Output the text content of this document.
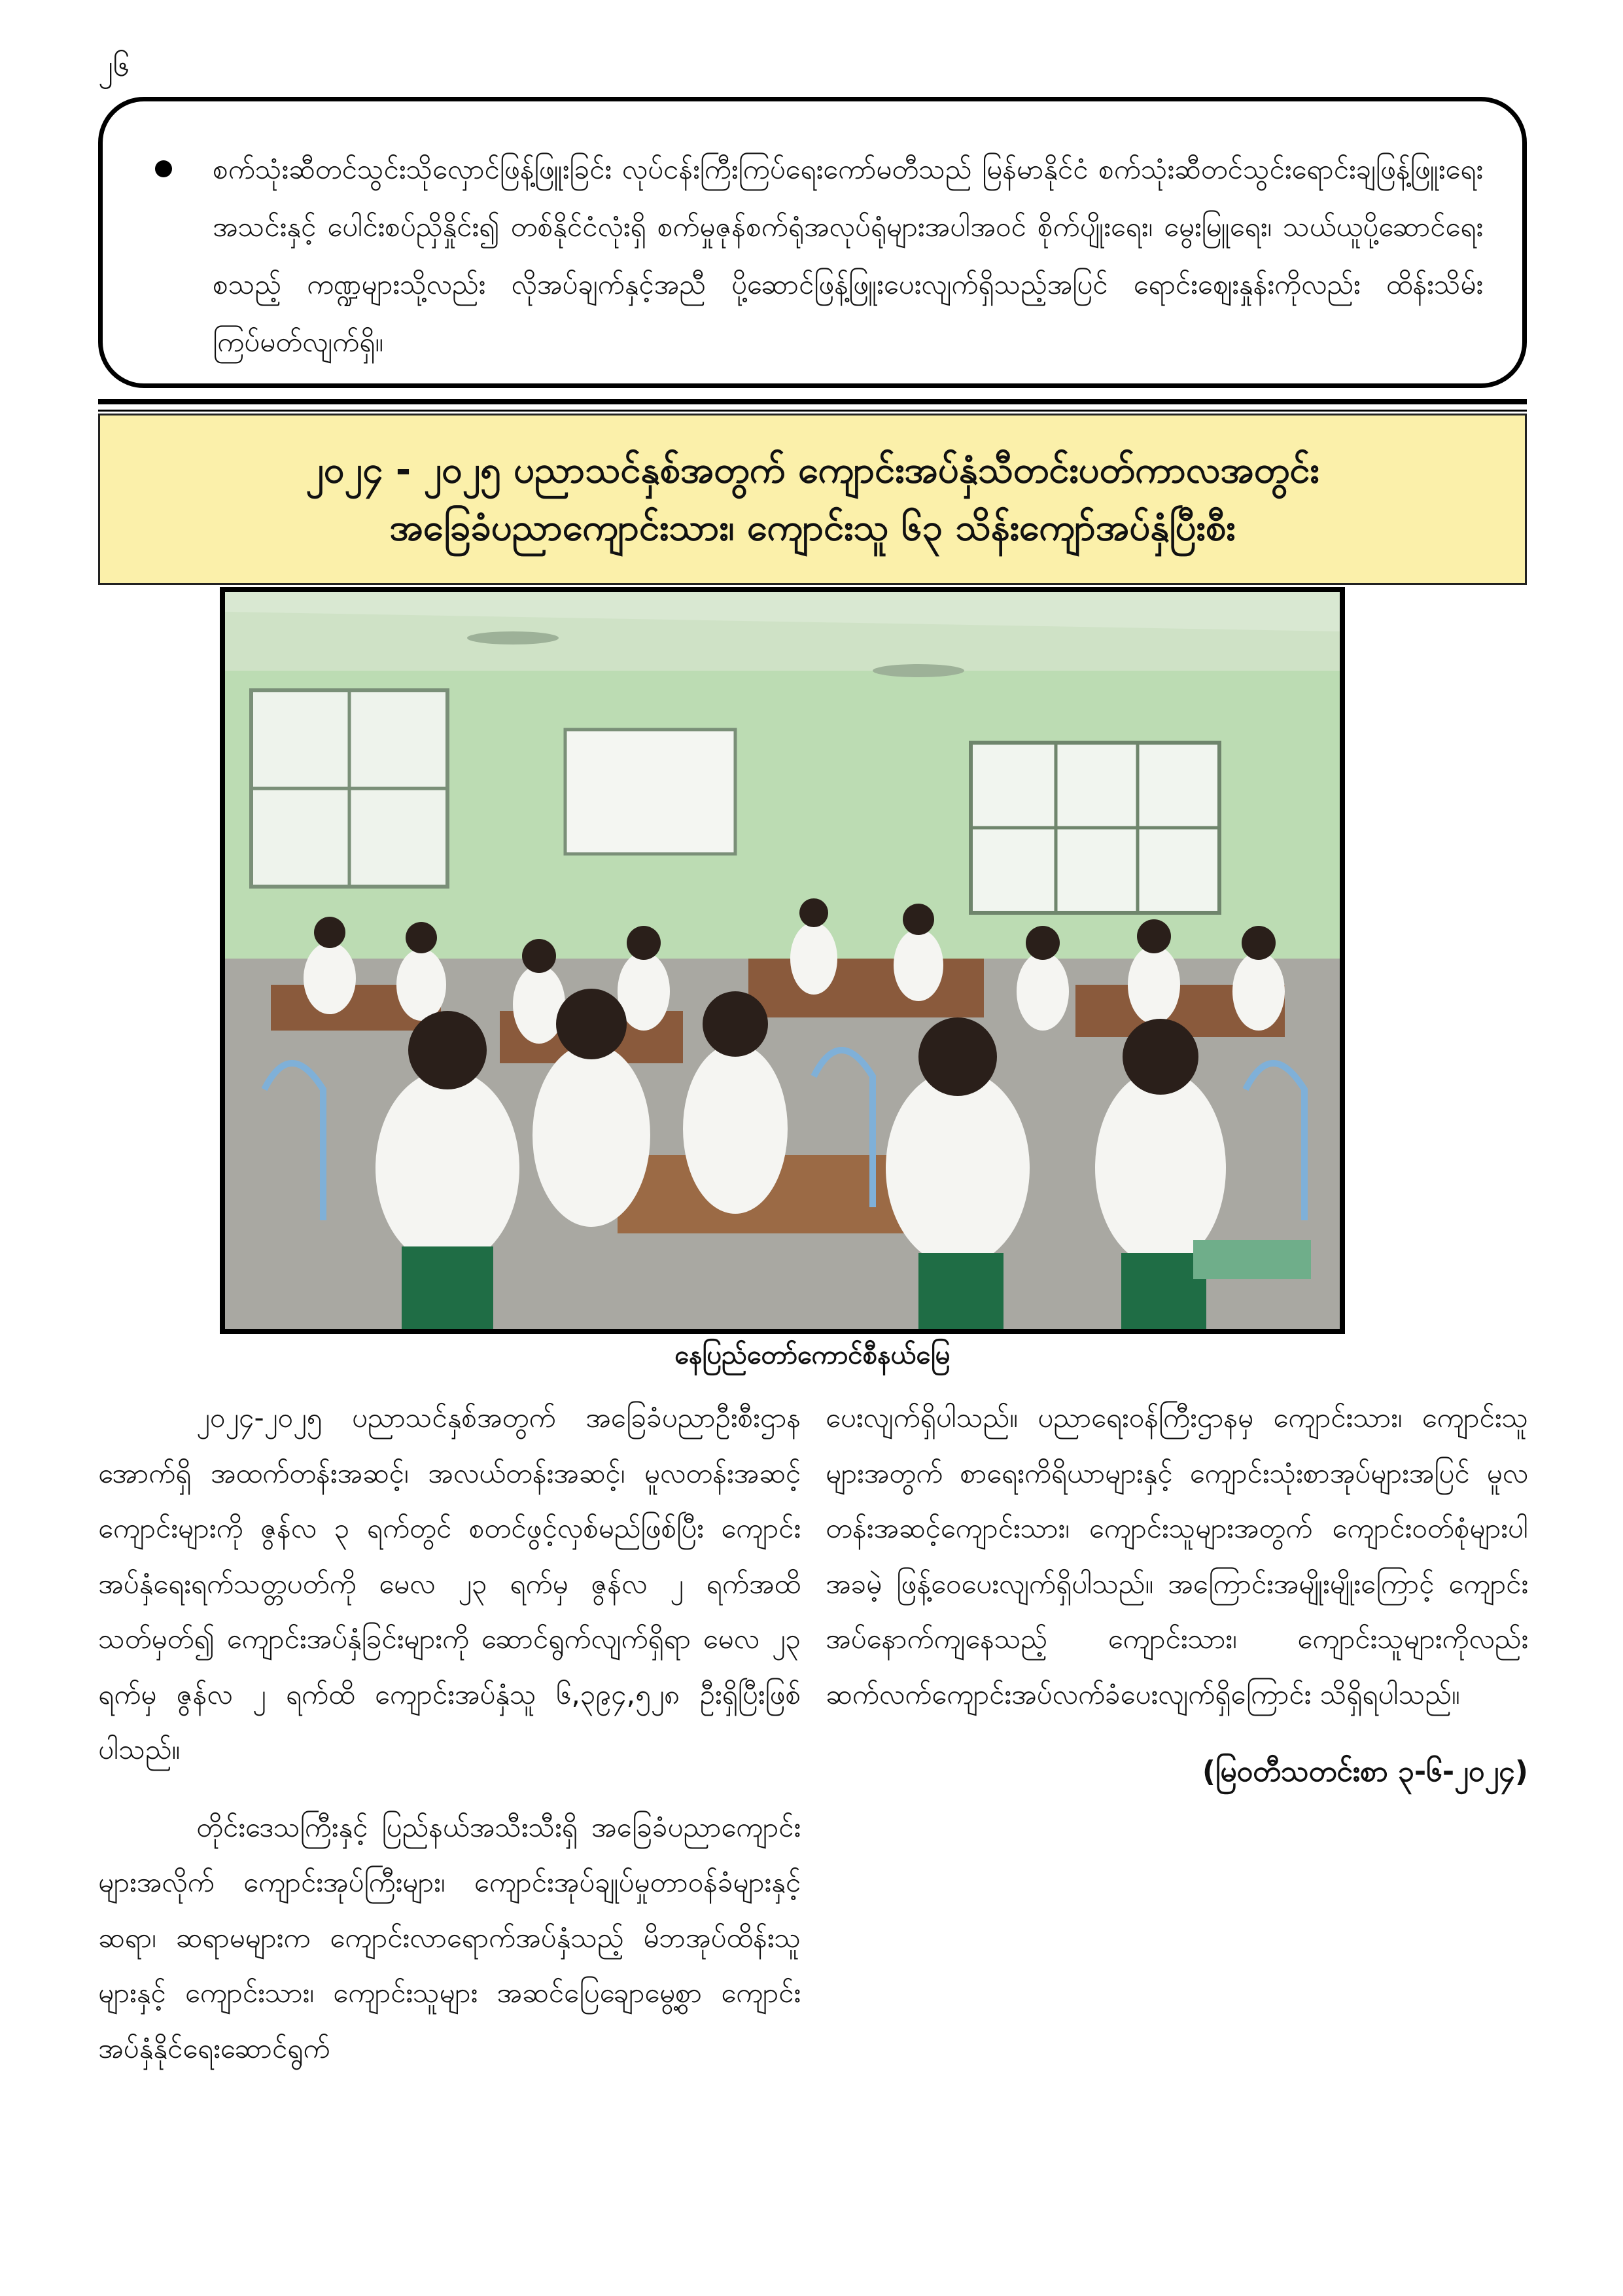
၂၆
စက်သုံးဆီတင်သွင်းသိုလှောင်ဖြန့်ဖြူးခြင်း လုပ်ငန်းကြီးကြပ်ရေးကော်မတီသည် မြန်မာနိုင်ငံ စက်သုံးဆီတင်သွင်းရောင်းချဖြန့်ဖြူးရေးအသင်းနှင့် ပေါင်းစပ်ညှိနှိုင်း၍ တစ်နိုင်ငံလုံးရှိ စက်မှုဇုန်စက်ရုံအလုပ်ရုံများအပါအဝင် စိုက်ပျိုးရေး၊ မွေးမြူရေး၊ သယ်ယူပို့ဆောင်ရေးစသည့် ကဏ္ဍများသို့လည်း လိုအပ်ချက်နှင့်အညီ ပို့ဆောင်ဖြန့်ဖြူးပေးလျက်ရှိသည့်အပြင် ရောင်းဈေးနှုန်းကိုလည်း ထိန်းသိမ်းကြပ်မတ်လျက်ရှိ။
၂၀၂၄ - ၂၀၂၅ ပညာသင်နှစ်အတွက် ကျောင်းအပ်နှံသီတင်းပတ်ကာလအတွင်း
အခြေခံပညာကျောင်းသား၊ ကျောင်းသူ ၆၃ သိန်းကျော်အပ်နှံပြီးစီး
နေပြည်တော်ကောင်စီနယ်မြေ

၂၀၂၄-၂၀၂၅ ပညာသင်နှစ်အတွက် အခြေခံပညာဦးစီးဌာနအောက်ရှိ အထက်တန်းအဆင့်၊ အလယ်တန်းအဆင့်၊ မူလတန်းအဆင့်ကျောင်းများကို ဇွန်လ ၃ ရက်တွင် စတင်ဖွင့်လှစ်မည်ဖြစ်ပြီး ကျောင်းအပ်နှံရေးရက်သတ္တပတ်ကို မေလ ၂၃ ရက်မှ ဇွန်လ ၂ ရက်အထိ သတ်မှတ်၍ ကျောင်းအပ်နှံခြင်းများကို ဆောင်ရွက်လျက်ရှိရာ မေလ ၂၃ ရက်မှ ဇွန်လ ၂ ရက်ထိ ကျောင်းအပ်နှံသူ ၆,၃၉၄,၅၂၈ ဦးရှိပြီးဖြစ်ပါသည်။

တိုင်းဒေသကြီးနှင့် ပြည်နယ်အသီးသီးရှိ အခြေခံပညာကျောင်းများအလိုက် ကျောင်းအုပ်ကြီးများ၊ ကျောင်းအုပ်ချုပ်မှုတာဝန်ခံများနှင့် ဆရာ၊ ဆရာမများက ကျောင်းလာရောက်အပ်နှံသည့် မိဘအုပ်ထိန်းသူများနှင့် ကျောင်းသား၊ ကျောင်းသူများ အဆင်ပြေချောမွေ့စွာ ကျောင်းအပ်နှံနိုင်ရေးဆောင်ရွက်

ပေးလျက်ရှိပါသည်။ ပညာရေးဝန်ကြီးဌာနမှ ကျောင်းသား၊ ကျောင်းသူများအတွက် စာရေးကိရိယာများနှင့် ကျောင်းသုံးစာအုပ်များအပြင် မူလတန်းအဆင့်ကျောင်းသား၊ ကျောင်းသူများအတွက် ကျောင်းဝတ်စုံများပါအခမဲ့ ဖြန့်ဝေပေးလျက်ရှိပါသည်။ အကြောင်းအမျိုးမျိုးကြောင့် ကျောင်းအပ်နောက်ကျနေသည့် ကျောင်းသား၊ ကျောင်းသူများကိုလည်း ဆက်လက်ကျောင်းအပ်လက်ခံပေးလျက်ရှိကြောင်း သိရှိရပါသည်။

(မြဝတီသတင်းစာ ၃-၆-၂၀၂၄)
